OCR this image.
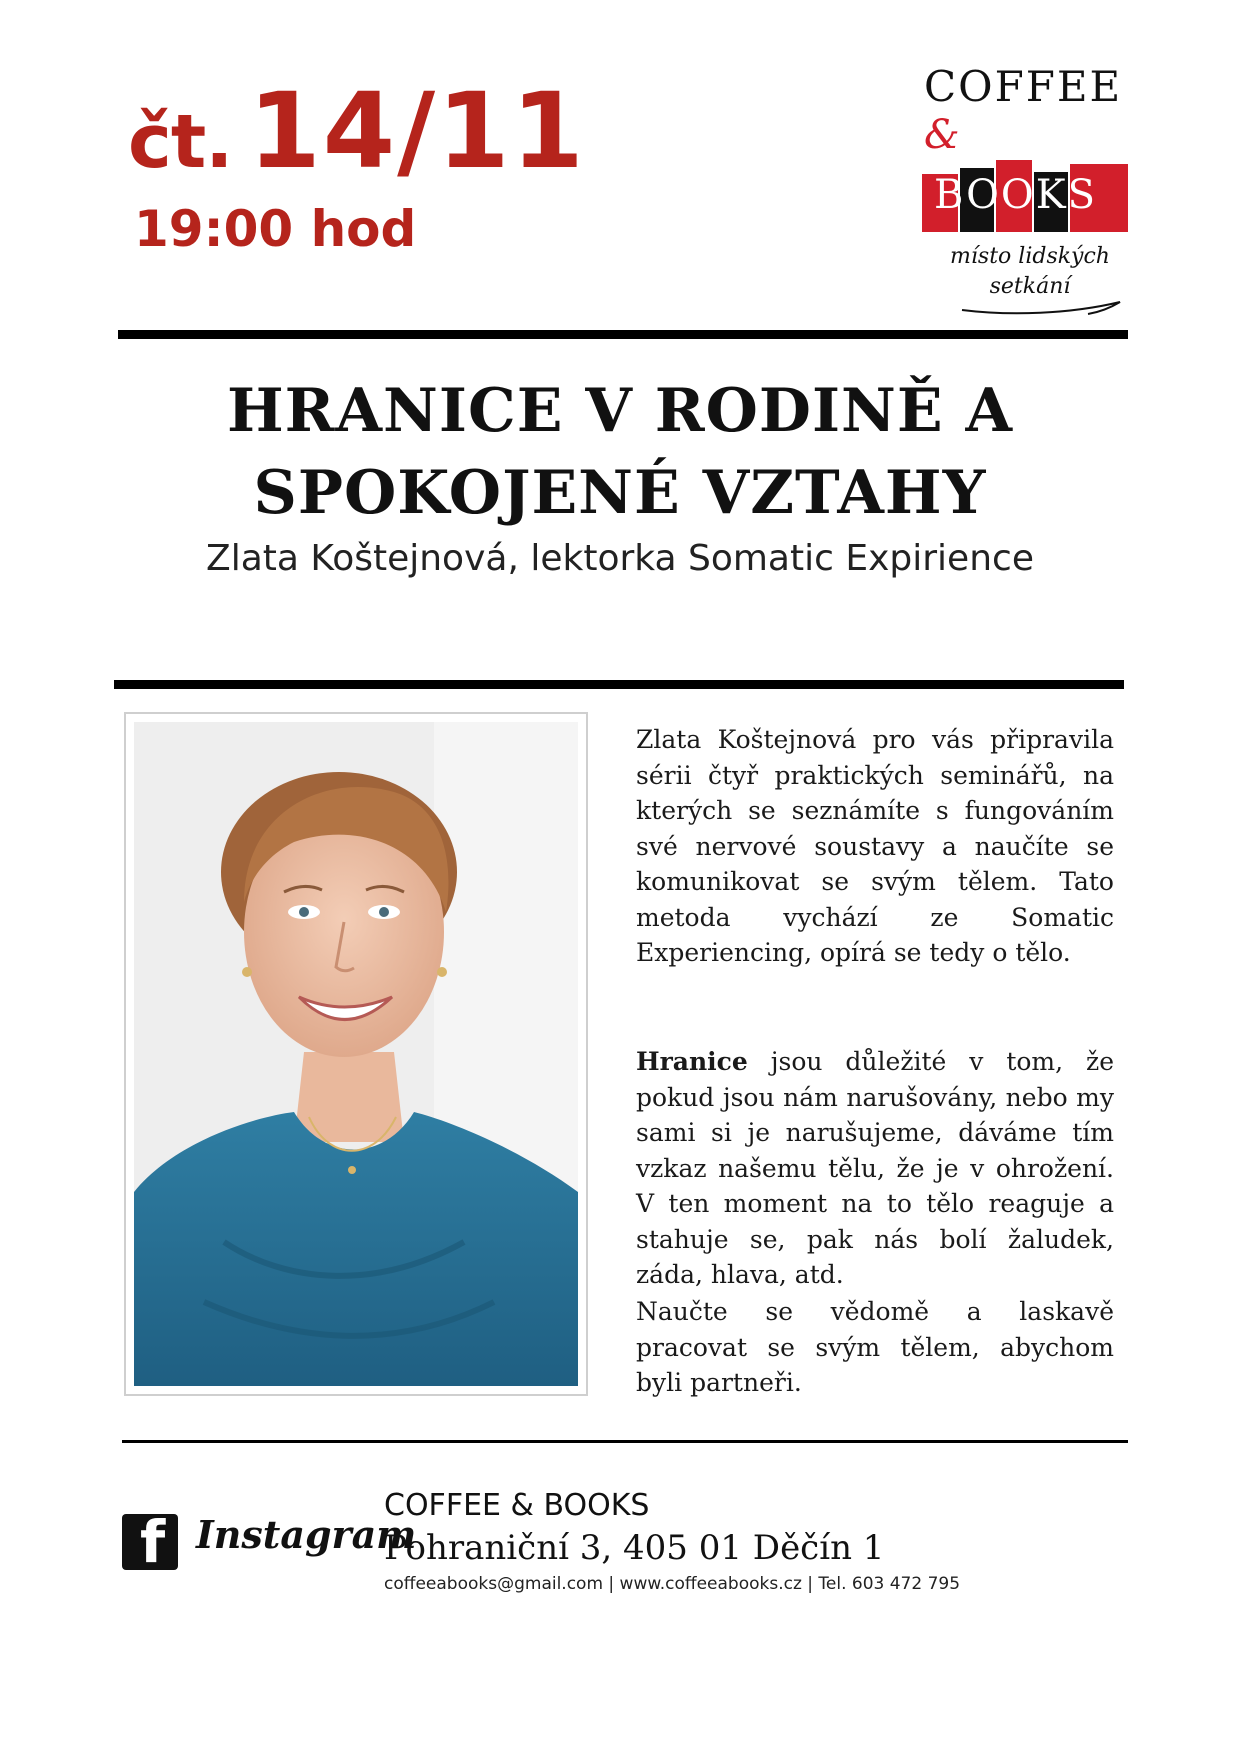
čt. 14/11
19:00 hod
COFFEE
&
BOOKS
místo lidských setkání
HRANICE V RODINĚ A
SPOKOJENÉ VZTAHY
Zlata Koštejnová, lektorka Somatic Expirience
Zlata Koštejnová pro vás připravila sérii čtyř praktických seminářů, na kterých se seznámíte s fungováním své nervové soustavy a naučíte se komunikovat se svým tělem. Tato metoda vychází ze Somatic Experiencing, opírá se tedy o tělo.
Hranice jsou důležité v tom, že pokud jsou nám narušovány, nebo my sami si je narušujeme, dáváme tím vzkaz našemu tělu, že je v ohrožení. V ten moment na to tělo reaguje a stahuje se, pak nás bolí žaludek, záda, hlava, atd.
Naučte se vědomě a laskavě pracovat se svým tělem, abychom byli partneři.
f Instagram
COFFEE & BOOKS
Pohraniční 3, 405 01 Děčín 1
coffeeabooks@gmail.com | www.coffeeabooks.cz | Tel. 603 472 795
